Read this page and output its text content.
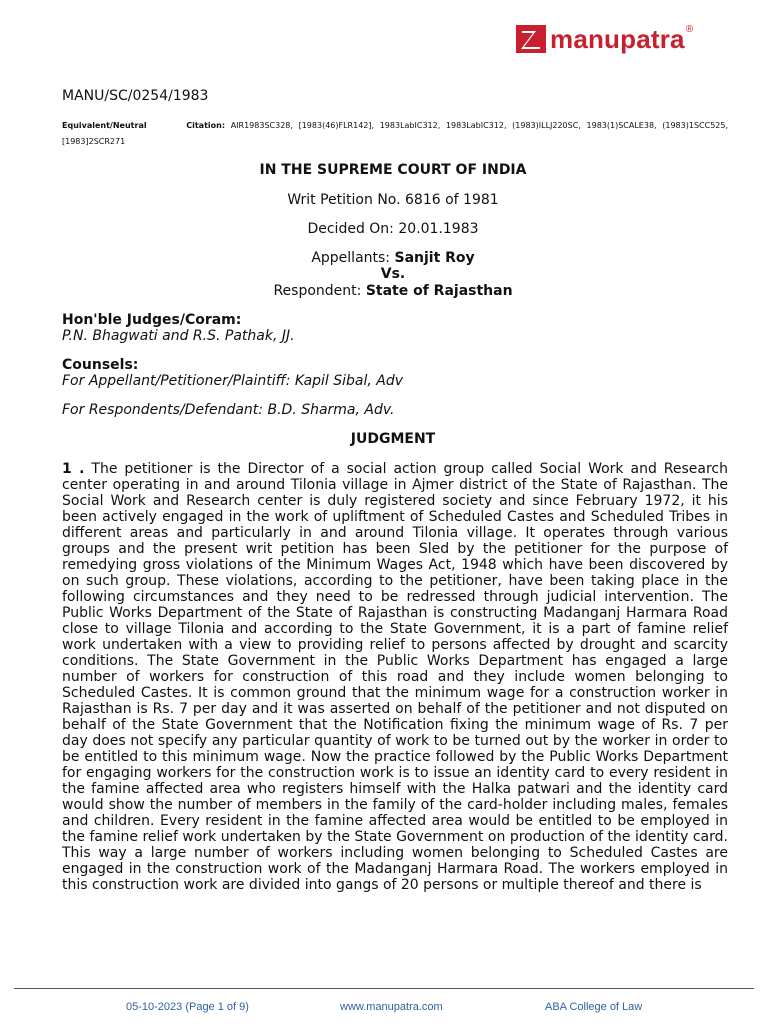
manupatra ®
MANU/SC/0254/1983
Equivalent/Neutral	Citation: AIR1983SC328, [1983(46)FLR142], 1983LabIC312, 1983LabIC312, (1983)ILLJ220SC, 1983(1)SCALE38, (1983)1SCC525, [1983]2SCR271
IN THE SUPREME COURT OF INDIA
Writ Petition No. 6816 of 1981
Decided On: 20.01.1983
Appellants: Sanjit Roy
Vs.
Respondent: State of Rajasthan
Hon'ble Judges/Coram:
P.N. Bhagwati and R.S. Pathak, JJ.
Counsels:
For Appellant/Petitioner/Plaintiff: Kapil Sibal, Adv
For Respondents/Defendant: B.D. Sharma, Adv.
JUDGMENT
1 . The petitioner is the Director of a social action group called Social Work and Research center operating in and around Tilonia village in Ajmer district of the State of Rajasthan. The Social Work and Research center is duly registered society and since February 1972, it his been actively engaged in the work of upliftment of Scheduled Castes and Scheduled Tribes in different areas and particularly in and around Tilonia village. It operates through various groups and the present writ petition has been Sled by the petitioner for the purpose of remedying gross violations of the Minimum Wages Act, 1948 which have been discovered by on such group. These violations, according to the petitioner, have been taking place in the following circumstances and they need to be redressed through judicial intervention. The Public Works Department of the State of Rajasthan is constructing Madanganj Harmara Road close to village Tilonia and according to the State Government, it is a part of famine relief work undertaken with a view to providing relief to persons affected by drought and scarcity conditions. The State Government in the Public Works Department has engaged a large number of workers for construction of this road and they include women belonging to Scheduled Castes. It is common ground that the minimum wage for a construction worker in Rajasthan is Rs. 7 per day and it was asserted on behalf of the petitioner and not disputed on behalf of the State Government that the Notification fixing the minimum wage of Rs. 7 per day does not specify any particular quantity of work to be turned out by the worker in order to be entitled to this minimum wage. Now the practice followed by the Public Works Department for engaging workers for the construction work is to issue an identity card to every resident in the famine affected area who registers himself with the Halka patwari and the identity card would show the number of members in the family of the card-holder including males, females and children. Every resident in the famine affected area would be entitled to be employed in the famine relief work undertaken by the State Government on production of the identity card. This way a large number of workers including women belonging to Scheduled Castes are engaged in the construction work of the Madanganj Harmara Road. The workers employed in this construction work are divided into gangs of 20 persons or multiple thereof and there is
05-10-2023 (Page 1 of 9)	www.manupatra.com	ABA College of Law
